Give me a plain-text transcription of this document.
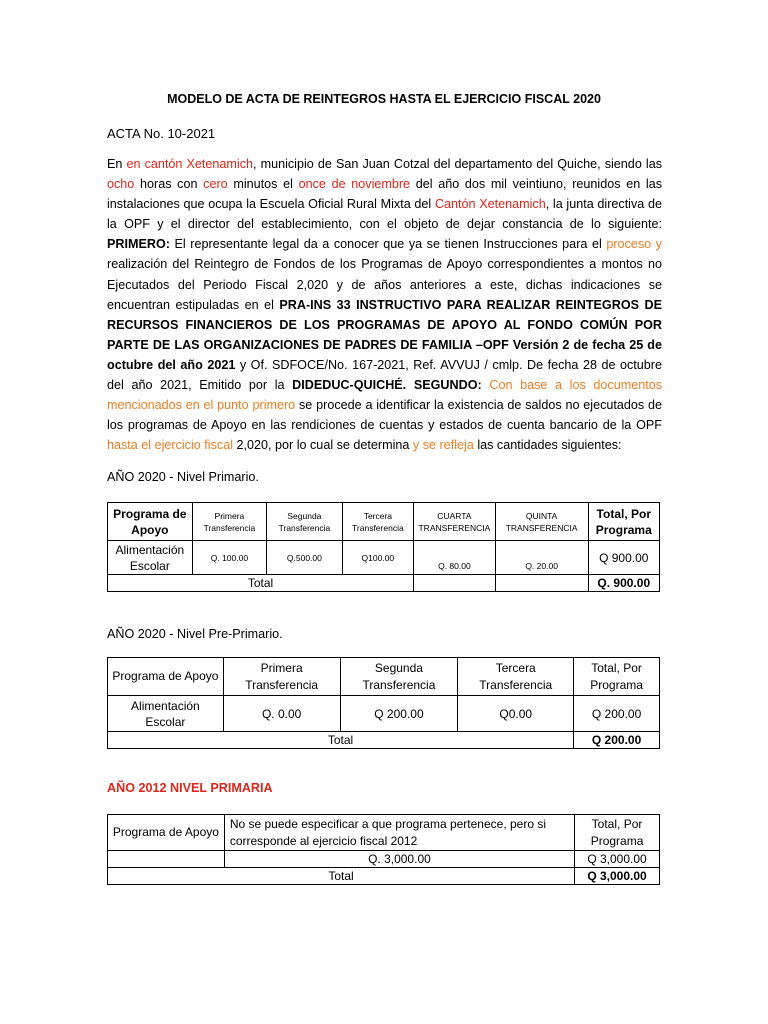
MODELO DE ACTA DE REINTEGROS HASTA EL EJERCICIO FISCAL 2020
ACTA No. 10-2021
En en cantón Xetenamich, municipio de San Juan Cotzal del departamento del Quiche, siendo las ocho horas con cero minutos el once de noviembre del año dos mil veintiuno, reunidos en las instalaciones que ocupa la Escuela Oficial Rural Mixta del Cantón Xetenamich, la junta directiva de la OPF y el director del establecimiento, con el objeto de dejar constancia de lo siguiente: PRIMERO: El representante legal da a conocer que ya se tienen Instrucciones para el proceso y realización del Reintegro de Fondos de los Programas de Apoyo correspondientes a montos no Ejecutados del Periodo Fiscal 2,020 y de años anteriores a este, dichas indicaciones se encuentran estipuladas en el PRA-INS 33 INSTRUCTIVO PARA REALIZAR REINTEGROS DE RECURSOS FINANCIEROS DE LOS PROGRAMAS DE APOYO AL FONDO COMÚN POR PARTE DE LAS ORGANIZACIONES DE PADRES DE FAMILIA –OPF Versión 2 de fecha 25 de octubre del año 2021 y Of. SDFOCE/No. 167-2021, Ref. AVVUJ / cmlp. De fecha 28 de octubre del año 2021, Emitido por la DIDEDUC-QUICHÉ. SEGUNDO: Con base a los documentos mencionados en el punto primero se procede a identificar la existencia de saldos no ejecutados de los programas de Apoyo en las rendiciones de cuentas y estados de cuenta bancario de la OPF hasta el ejercicio fiscal 2,020, por lo cual se determina y se refleja las cantidades siguientes:
AÑO 2020 - Nivel Primario.
Programa de Apoyo	Primera Transferencia	Segunda Transferencia	Tercera Transferencia	CUARTA TRANSFERENCIA	QUINTA TRANSFERENCIA	Total, Por Programa
Alimentación Escolar	Q. 100.00	Q.500.00	Q100.00	Q. 80.00	Q. 20.00	Q 900.00
Total						Q. 900.00
AÑO 2020 - Nivel Pre-Primario.
Programa de Apoyo	Primera Transferencia	Segunda Transferencia	Tercera Transferencia	Total, Por Programa
Alimentación Escolar	Q. 0.00	Q 200.00	Q0.00	Q 200.00
Total				Q 200.00
AÑO 2012 NIVEL PRIMARIA
Programa de Apoyo	No se puede especificar a que programa pertenece, pero si corresponde al ejercicio fiscal 2012	Total, Por Programa
	Q. 3,000.00	Q 3,000.00
Total		Q 3,000.00
